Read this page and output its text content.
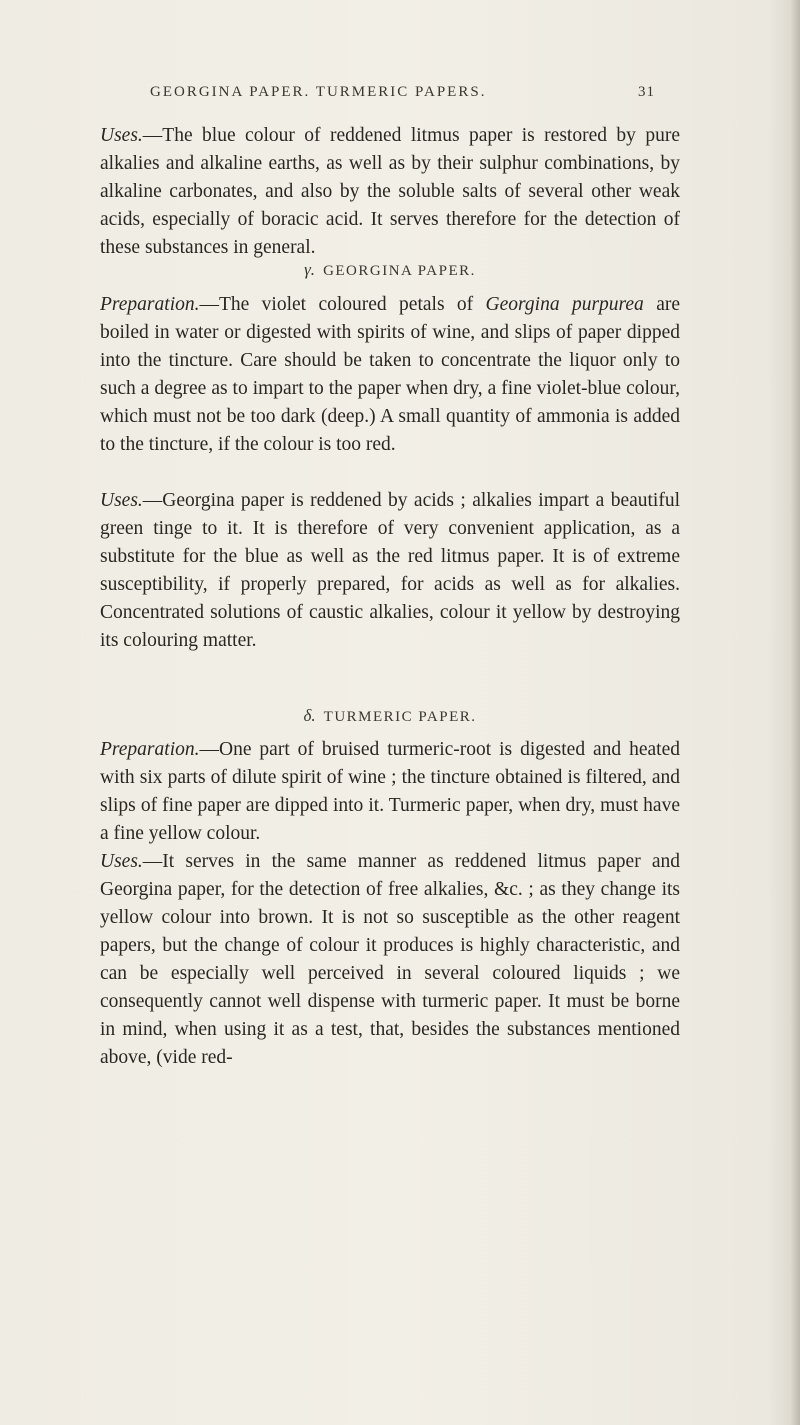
GEORGINA PAPER. TURMERIC PAPERS.	31

Uses.—The blue colour of reddened litmus paper is restored by pure alkalies and alkaline earths, as well as by their sulphur combinations, by alkaline carbonates, and also by the soluble salts of several other weak acids, especially of boracic acid. It serves therefore for the detection of these substances in general.

γ. GEORGINA PAPER.

Preparation.—The violet coloured petals of Georgina purpurea are boiled in water or digested with spirits of wine, and slips of paper dipped into the tincture. Care should be taken to concentrate the liquor only to such a degree as to impart to the paper when dry, a fine violet-blue colour, which must not be too dark (deep.) A small quantity of ammonia is added to the tincture, if the colour is too red.

Uses.—Georgina paper is reddened by acids ; alkalies impart a beautiful green tinge to it. It is therefore of very convenient application, as a substitute for the blue as well as the red litmus paper. It is of extreme susceptibility, if properly prepared, for acids as well as for alkalies. Concentrated solutions of caustic alkalies, colour it yellow by destroying its colouring matter.

δ. TURMERIC PAPER.

Preparation.—One part of bruised turmeric-root is digested and heated with six parts of dilute spirit of wine ; the tincture obtained is filtered, and slips of fine paper are dipped into it. Turmeric paper, when dry, must have a fine yellow colour.

Uses.—It serves in the same manner as reddened litmus paper and Georgina paper, for the detection of free alkalies, &c. ; as they change its yellow colour into brown. It is not so susceptible as the other reagent papers, but the change of colour it produces is highly characteristic, and can be especially well perceived in several coloured liquids ; we consequently cannot well dispense with turmeric paper. It must be borne in mind, when using it as a test, that, besides the substances mentioned above, (vide red-
